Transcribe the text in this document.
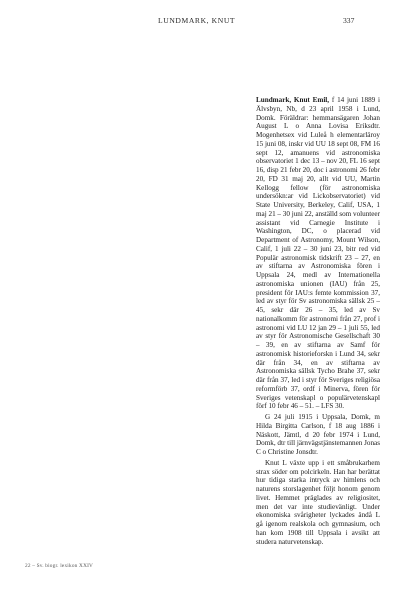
LUNDMARK, KNUT	337

Lundmark, Knut Emil, f 14 juni 1889 i Älvsbyn, Nb, d 23 april 1958 i Lund, Domk. Föräldrar: hemmansägaren Johan August L o Anna Lovisa Eriksdtr. Mogenhetsex vid Luleå h elementarläroy 15 juni 08, inskr vid UU 18 sept 08, FM 16 sept 12, amanuens vid astronomiska observatoriet 1 dec 13 – nov 20, FL 16 sept 16, disp 21 febr 20, doc i astronomi 26 febr 20, FD 31 maj 20, allt vid UU, Martin Kellogg fellow (för astronomiska undersökn:ar vid Lickobservatoriet) vid State University, Berkeley, Calif, USA, 1 maj 21 – 30 juni 22, anställd som volunteer assistant vid Carnegie Institute i Washington, DC, o placerad vid Department of Astronomy, Mount Wilson, Calif, 1 juli 22 – 30 juni 23, bitr red vid Populär astronomisk tidskrift 23 – 27, en av stiftarna av Astronomiska fören i Uppsala 24, medl av Internationella astronomiska unionen (IAU) från 25, president för IAU:s femte kommission 37, led av styr för Sv astronomiska sällsk 25 – 45, sekr där 26 – 35, led av Sv nationalkomm för astronomi från 27, prof i astronomi vid LU 12 jan 29 – 1 juli 55, led av styr för Astronomische Gesellschaft 30 – 39, en av stiftarna av Samf för astronomisk historieforskn i Lund 34, sekr där från 34, en av stiftarna av Astronomiska sällsk Tycho Brahe 37, sekr där från 37, led i styr för Sveriges religiösa reformförb 37, ordf i Minerva, fören för Sveriges vetenskapl o populärvetenskapl förf 10 febr 46 – 51. – LFS 30.

G 24 juli 1915 i Uppsala, Domk, m Hilda Birgitta Carlson, f 18 aug 1886 i Näskott, Jämtl, d 20 febr 1974 i Lund, Domk, dtr till järnvägstjänstemannen Jonas C o Christine Jonsdtr.

Knut L växte upp i ett småbrukarhem strax söder om polcirkeln. Han har berättat hur tidiga starka intryck av himlens och naturens storslagenhet följt honom genom livet. Hemmet präglades av religiositet, men det var inte studievänligt. Under ekonomiska svårigheter lyckades ändå L gå igenom realskola och gymnasium, och han kom 1908 till Uppsala i avsikt att studera naturvetenskap.

22 – Sv. biogr. lexikon XXIV
